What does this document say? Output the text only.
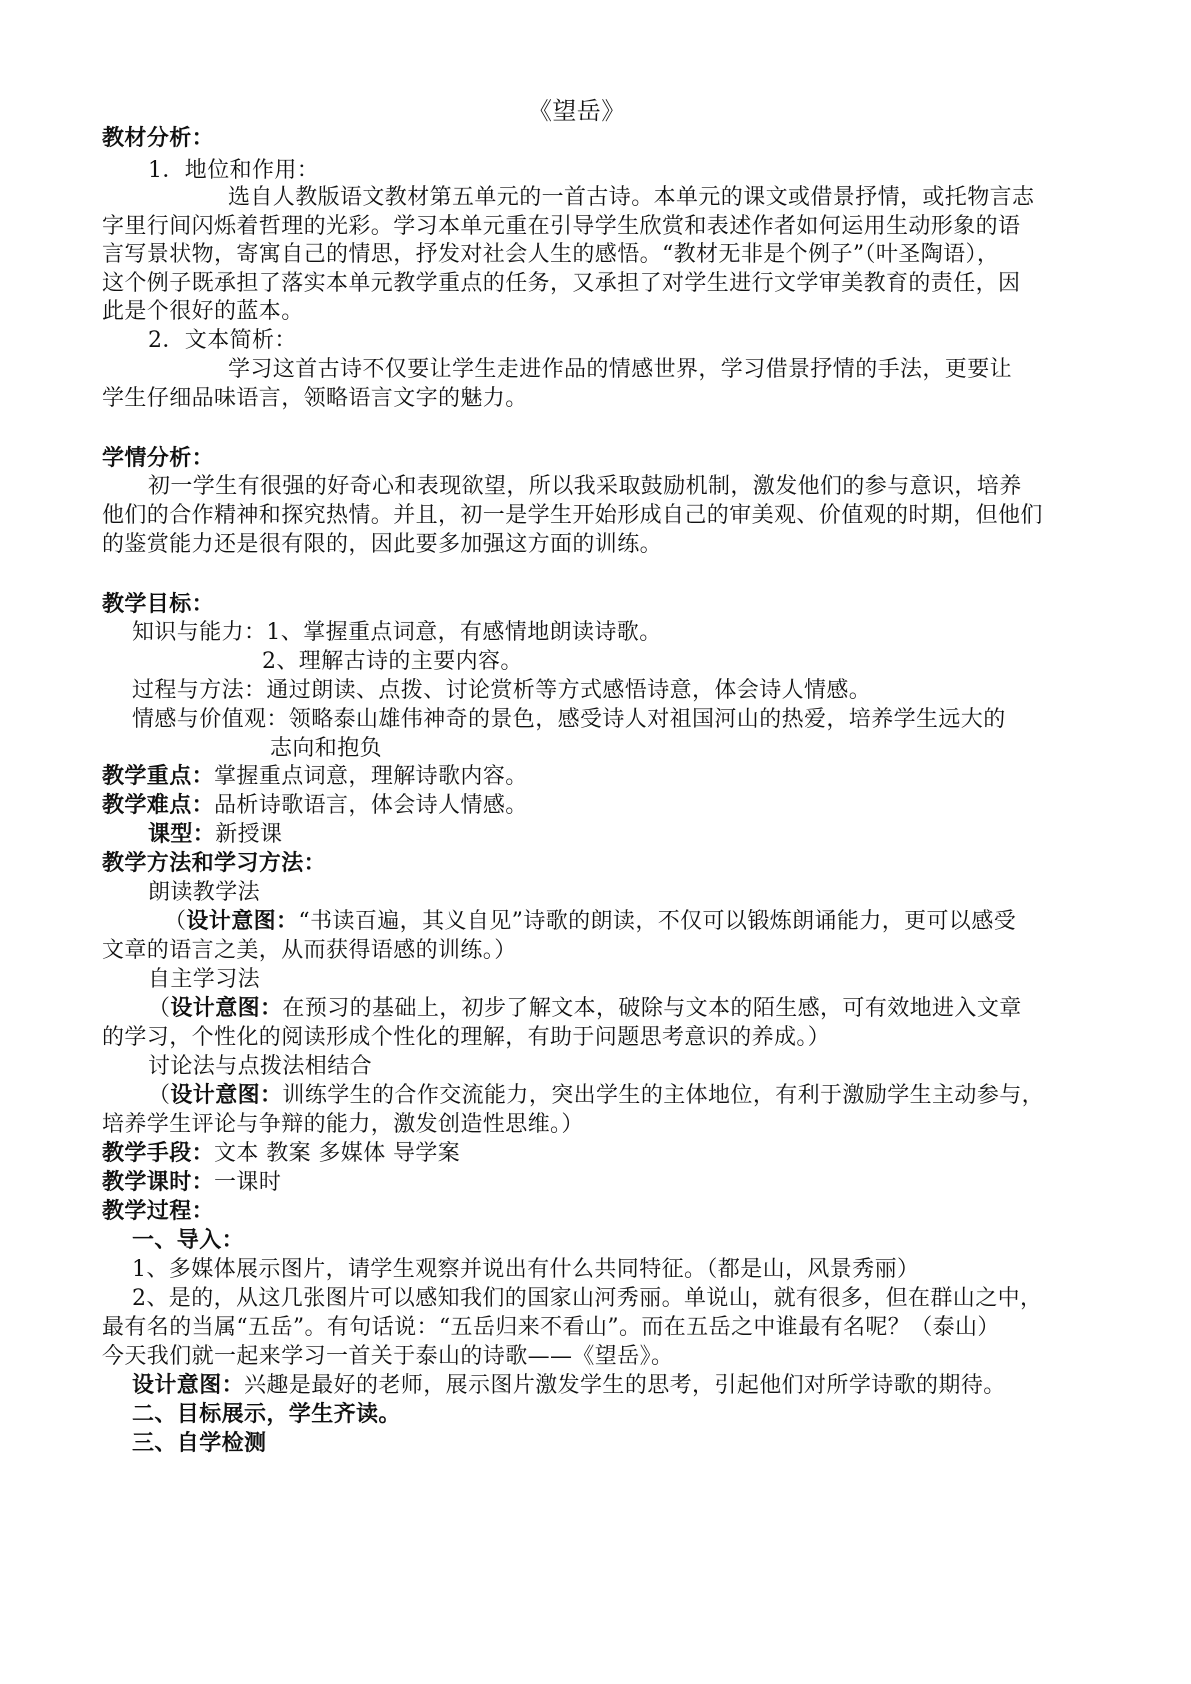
《望岳》
教材分析：
1．地位和作用：
选自人教版语文教材第五单元的一首古诗。本单元的课文或借景抒情，或托物言志
字里行间闪烁着哲理的光彩。学习本单元重在引导学生欣赏和表述作者如何运用生动形象的语
言写景状物，寄寓自己的情思，抒发对社会人生的感悟。“教材无非是个例子”（叶圣陶语），
这个例子既承担了落实本单元教学重点的任务，又承担了对学生进行文学审美教育的责任，因
此是个很好的蓝本。
2．文本简析：
学习这首古诗不仅要让学生走进作品的情感世界，学习借景抒情的手法，更要让
学生仔细品味语言，领略语言文字的魅力。
学情分析：
初一学生有很强的好奇心和表现欲望，所以我采取鼓励机制，激发他们的参与意识，培养
他们的合作精神和探究热情。并且，初一是学生开始形成自己的审美观、价值观的时期，但他们
的鉴赏能力还是很有限的，因此要多加强这方面的训练。
教学目标：
知识与能力：1、掌握重点词意，有感情地朗读诗歌。
2、理解古诗的主要内容。
过程与方法：通过朗读、点拨、讨论赏析等方式感悟诗意，体会诗人情感。
情感与价值观：领略泰山雄伟神奇的景色，感受诗人对祖国河山的热爱，培养学生远大的
志向和抱负
教学重点：掌握重点词意，理解诗歌内容。
教学难点：品析诗歌语言，体会诗人情感。
课型：新授课
教学方法和学习方法：
朗读教学法
（设计意图：“书读百遍，其义自见”诗歌的朗读，不仅可以锻炼朗诵能力，更可以感受
文章的语言之美，从而获得语感的训练。）
自主学习法
（设计意图：在预习的基础上，初步了解文本，破除与文本的陌生感，可有效地进入文章
的学习，个性化的阅读形成个性化的理解，有助于问题思考意识的养成。）
讨论法与点拨法相结合
（设计意图：训练学生的合作交流能力，突出学生的主体地位，有利于激励学生主动参与，
培养学生评论与争辩的能力，激发创造性思维。）
教学手段：文本 教案 多媒体 导学案
教学课时：一课时
教学过程：
一、导入：
1、多媒体展示图片，请学生观察并说出有什么共同特征。（都是山，风景秀丽）
2、是的，从这几张图片可以感知我们的国家山河秀丽。单说山，就有很多，但在群山之中，
最有名的当属“五岳”。有句话说：“五岳归来不看山”。而在五岳之中谁最有名呢？（泰山）
今天我们就一起来学习一首关于泰山的诗歌——《望岳》。
设计意图：兴趣是最好的老师，展示图片激发学生的思考，引起他们对所学诗歌的期待。
二、目标展示，学生齐读。
三、自学检测
